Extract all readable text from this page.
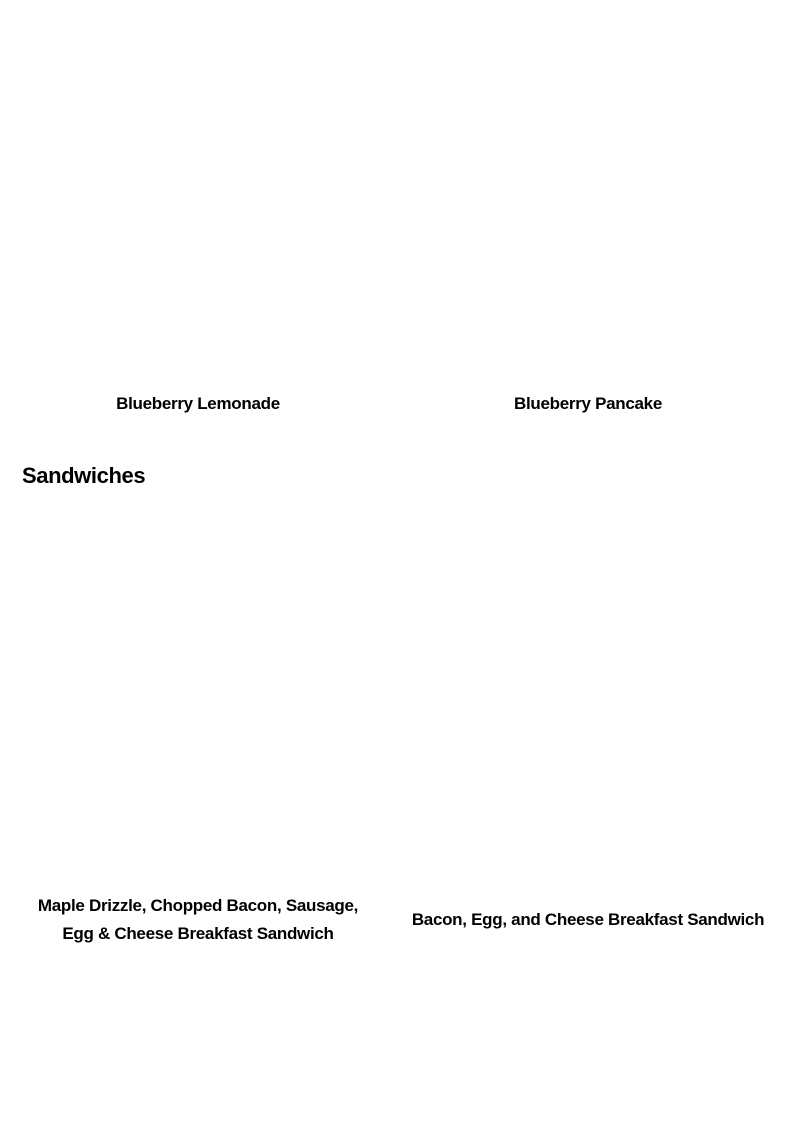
Blueberry Lemonade	Blueberry Pancake
Sandwiches
Maple Drizzle, Chopped Bacon, Sausage, Egg & Cheese Breakfast Sandwich
Bacon, Egg, and Cheese Breakfast Sandwich
